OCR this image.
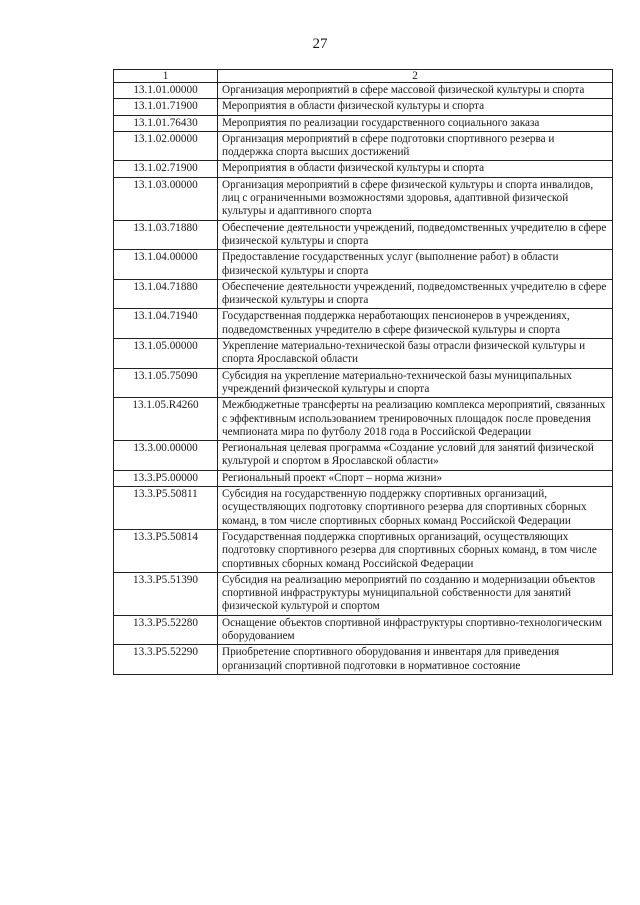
27
1	2
13.1.01.00000	Организация мероприятий в сфере массовой физической культуры и спорта
13.1.01.71900	Мероприятия в области физической культуры и спорта
13.1.01.76430	Мероприятия по реализации государственного социального заказа
13.1.02.00000	Организация мероприятий в сфере подготовки спортивного резерва и поддержка спорта высших достижений
13.1.02.71900	Мероприятия в области физической культуры и спорта
13.1.03.00000	Организация мероприятий в сфере физической культуры и спорта инвалидов, лиц с ограниченными возможностями здоровья, адаптивной физической культуры и адаптивного спорта
13.1.03.71880	Обеспечение деятельности учреждений, подведомственных учредителю в сфере физической культуры и спорта
13.1.04.00000	Предоставление государственных услуг (выполнение работ) в области физической культуры и спорта
13.1.04.71880	Обеспечение деятельности учреждений, подведомственных учредителю в сфере физической культуры и спорта
13.1.04.71940	Государственная поддержка неработающих пенсионеров в учреждениях, подведомственных учредителю в сфере физической культуры и спорта
13.1.05.00000	Укрепление материально-технической базы отрасли физической культуры и спорта Ярославской области
13.1.05.75090	Субсидия на укрепление материально-технической базы муниципальных учреждений физической культуры и спорта
13.1.05.R4260	Межбюджетные трансферты на реализацию комплекса мероприятий, связанных с эффективным использованием тренировочных площадок после проведения чемпионата мира по футболу 2018 года в Российской Федерации
13.3.00.00000	Региональная целевая программа «Создание условий для занятий физической культурой и спортом в Ярославской области»
13.3.P5.00000	Региональный проект «Спорт – норма жизни»
13.3.P5.50811	Субсидия на государственную поддержку спортивных организаций, осуществляющих подготовку спортивного резерва для спортивных сборных команд, в том числе спортивных сборных команд Российской Федерации
13.3.P5.50814	Государственная поддержка спортивных организаций, осуществляющих подготовку спортивного резерва для спортивных сборных команд, в том числе спортивных сборных команд Российской Федерации
13.3.P5.51390	Субсидия на реализацию мероприятий по созданию и модернизации объектов спортивной инфраструктуры муниципальной собственности для занятий физической культурой и спортом
13.3.P5.52280	Оснащение объектов спортивной инфраструктуры спортивно-технологическим оборудованием
13.3.P5.52290	Приобретение спортивного оборудования и инвентаря для приведения организаций спортивной подготовки в нормативное состояние
